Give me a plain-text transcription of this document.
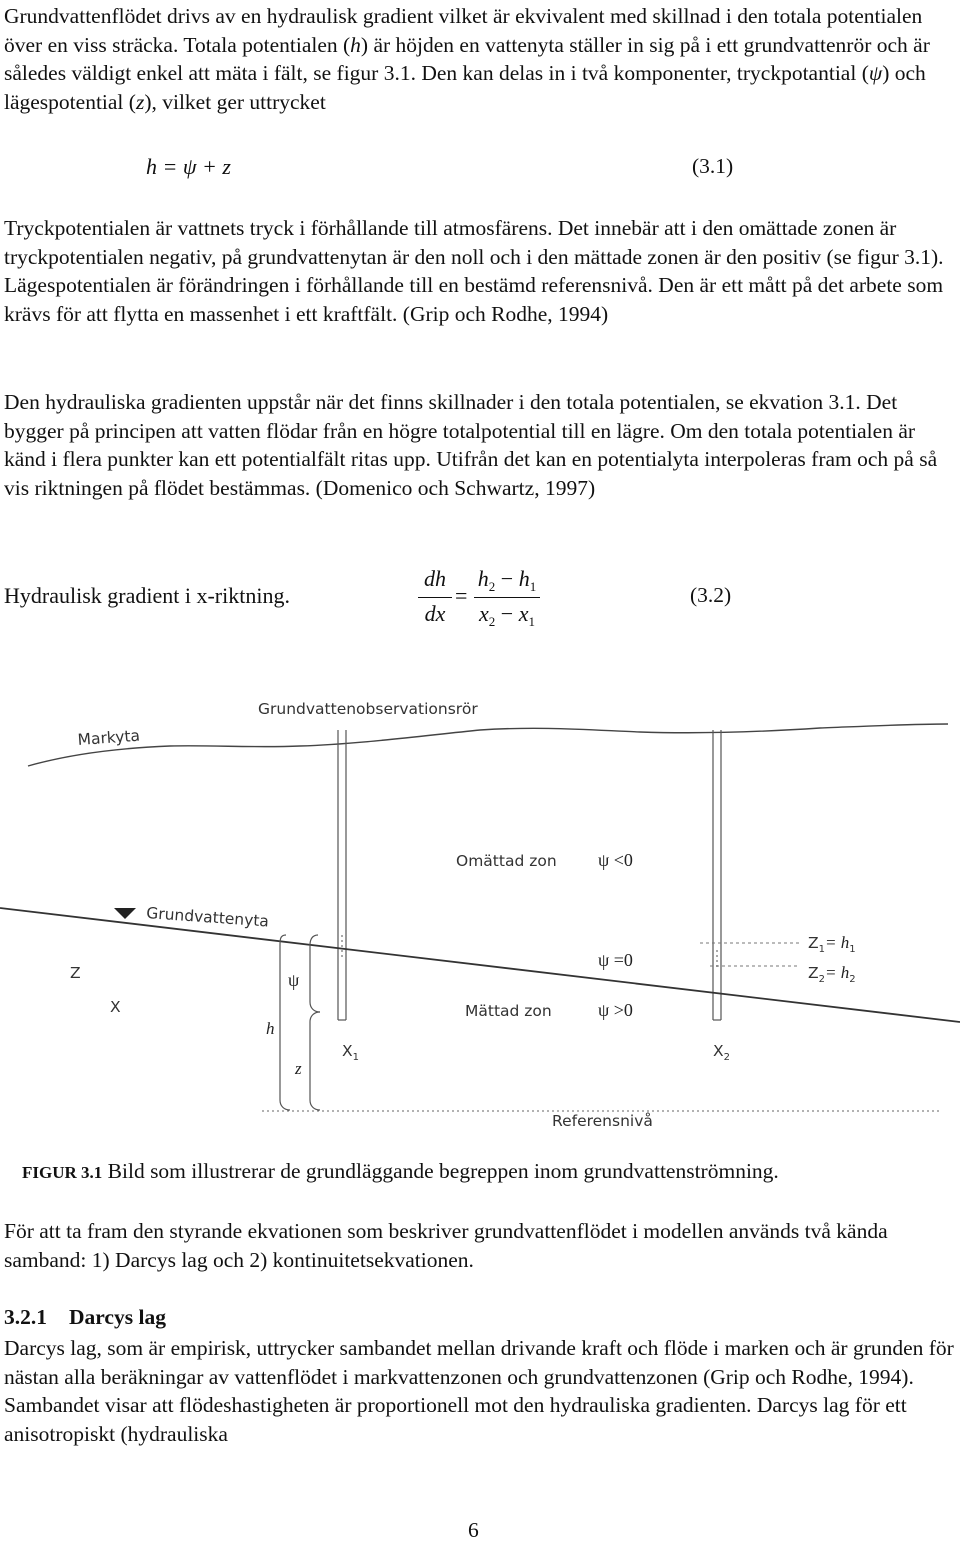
Grundvattenflödet drivs av en hydraulisk gradient vilket är ekvivalent med skillnad i den totala potentialen över en viss sträcka. Totala potentialen (h) är höjden en vattenyta ställer in sig på i ett grundvattenrör och är således väldigt enkel att mäta i fält, se figur 3.1. Den kan delas in i två komponenter, tryckpotantial (ψ) och lägespotential (z), vilket ger uttrycket

h = ψ + z	(3.1)

Tryckpotentialen är vattnets tryck i förhållande till atmosfärens. Det innebär att i den omättade zonen är tryckpotentialen negativ, på grundvattenytan är den noll och i den mättade zonen är den positiv (se figur 3.1). Lägespotentialen är förändringen i förhållande till en bestämd referensnivå. Den är ett mått på det arbete som krävs för att flytta en massenhet i ett kraftfält. (Grip och Rodhe, 1994)

Den hydrauliska gradienten uppstår när det finns skillnader i den totala potentialen, se ekvation 3.1. Det bygger på principen att vatten flödar från en högre totalpotential till en lägre. Om den totala potentialen är känd i flera punkter kan ett potentialfält ritas upp. Utifrån det kan en potentialyta interpoleras fram och på så vis riktningen på flödet bestämmas. (Domenico och Schwartz, 1997)

Hydraulisk gradient i x-riktning.
dh
dx
=
$h_2 - h_1$
$x_2 - x_1$
(3.2)
Markyta
Grundvattenobservationsrör
Omättad zon ψ <0
Grundvattenyta
$Z_1= h_1$
$Z_2= h_2$
Z
X
ψ
h
z
ψ =0
Mättad zon	ψ >0
$X_1$	$X_2$
Referensnivå
FIGUR 3.1 Bild som illustrerar de grundläggande begreppen inom grundvattenströmning.

För att ta fram den styrande ekvationen som beskriver grundvattenflödet i modellen används två kända samband: 1) Darcys lag och 2) kontinuitetsekvationen.

3.2.1 Darcys lag

Darcys lag, som är empirisk, uttrycker sambandet mellan drivande kraft och flöde i marken och är grunden för nästan alla beräkningar av vattenflödet i markvattenzonen och grundvattenzonen (Grip och Rodhe, 1994). Sambandet visar att flödeshastigheten är proportionell mot den hydrauliska gradienten. Darcys lag för ett anisotropiskt (hydrauliska

6
